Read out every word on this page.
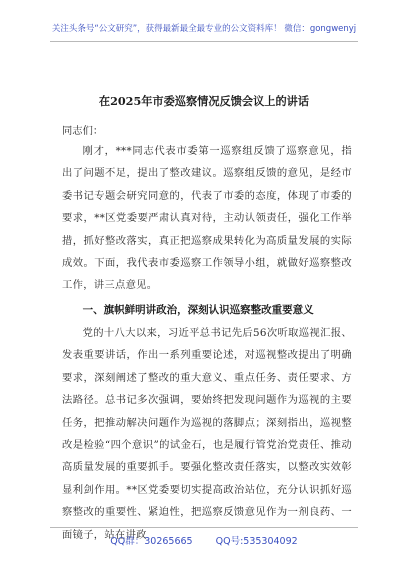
关注头条号“公文研究”，获得最新最全最专业的公文资料库！ 微信：gongwenyj
在2025年市委巡察情况反馈会议上的讲话
同志们：

刚才，***同志代表市委第一巡察组反馈了巡察意见，指出了问题不足，提出了整改建议。巡察组反馈的意见，是经市委书记专题会研究同意的，代表了市委的态度，体现了市委的要求，**区党委要严肃认真对待，主动认领责任，强化工作举措，抓好整改落实，真正把巡察成果转化为高质量发展的实际成效。下面，我代表市委巡察工作领导小组，就做好巡察整改工作，讲三点意见。

一、旗帜鲜明讲政治，深刻认识巡察整改重要意义

党的十八大以来，习近平总书记先后56次听取巡视汇报、发表重要讲话，作出一系列重要论述，对巡视整改提出了明确要求，深刻阐述了整改的重大意义、重点任务、责任要求、方法路径。总书记多次强调，要始终把发现问题作为巡视的主要任务，把推动解决问题作为巡视的落脚点；深刻指出，巡视整改是检验“四个意识”的试金石，也是履行管党治党责任、推动高质量发展的重要抓手。要强化整改责任落实，以整改实效彰显利剑作用。**区党委要切实提高政治站位，充分认识抓好巡察整改的重要性、紧迫性，把巡察反馈意见作为一剂良药、一面镜子，站在讲政

QQ群：30265665 QQ号:535304092
